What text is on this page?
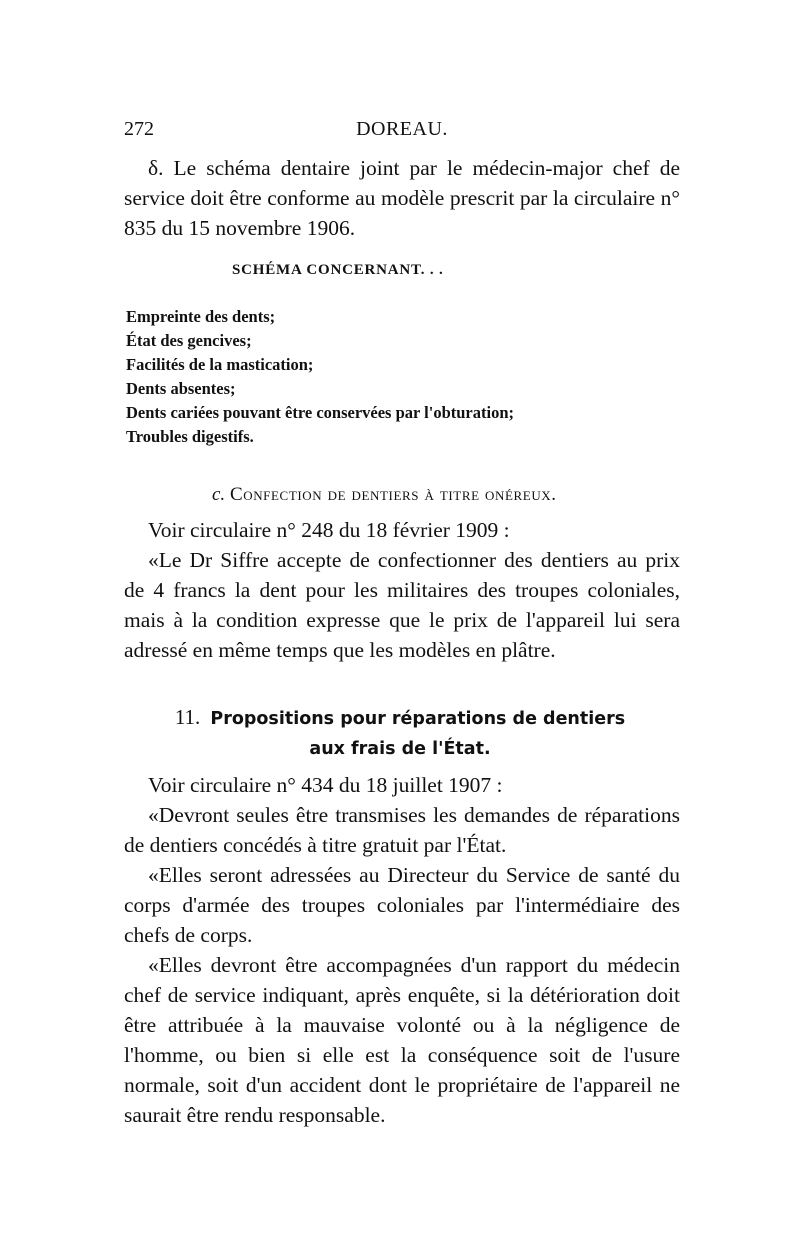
272	DOREAU.

δ. Le schéma dentaire joint par le médecin-major chef de service doit être conforme au modèle prescrit par la circulaire n° 835 du 15 novembre 1906.

SCHÉMA CONCERNANT. . .
Empreinte des dents;
État des gencives;
Facilités de la mastication;
Dents absentes;
Dents cariées pouvant être conservées par l'obturation;
Troubles digestifs.
c. Confection de dentiers à titre onéreux.

Voir circulaire n° 248 du 18 février 1909 :

«Le Dr Siffre accepte de confectionner des dentiers au prix de 4 francs la dent pour les militaires des troupes coloniales, mais à la condition expresse que le prix de l'appareil lui sera adressé en même temps que les modèles en plâtre.

11. Propositions pour réparations de dentiers
aux frais de l'État.

Voir circulaire n° 434 du 18 juillet 1907 :

«Devront seules être transmises les demandes de réparations de dentiers concédés à titre gratuit par l'État.

«Elles seront adressées au Directeur du Service de santé du corps d'armée des troupes coloniales par l'intermédiaire des chefs de corps.

«Elles devront être accompagnées d'un rapport du médecin chef de service indiquant, après enquête, si la détérioration doit être attribuée à la mauvaise volonté ou à la négligence de l'homme, ou bien si elle est la conséquence soit de l'usure normale, soit d'un accident dont le propriétaire de l'appareil ne saurait être rendu responsable.
